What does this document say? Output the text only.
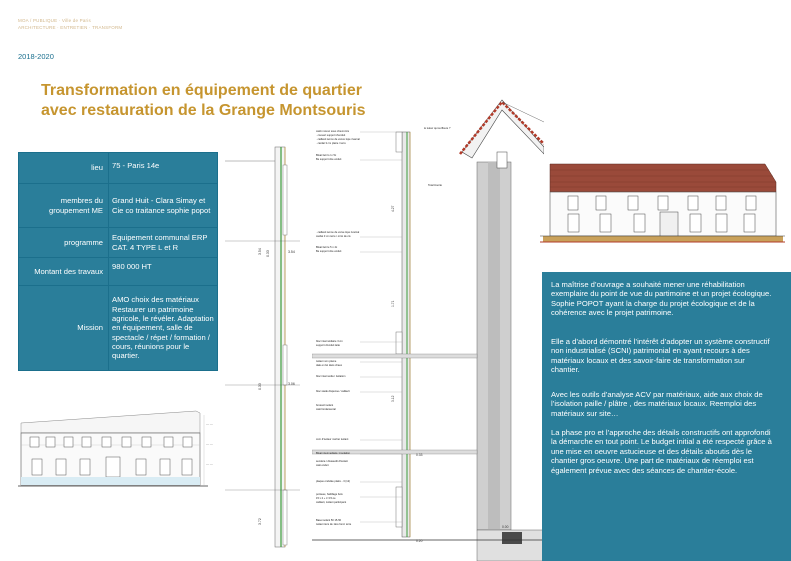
MOA / PUBLIQUE · Ville de Paris
ARCHITECTURE · ENTRETIEN · TRANSFORM
2018-2020
Transformation en équipement de quartier avec restauration de la Grange Montsouris
lieu	75 - Paris 14e
membres du groupement ME	Grand Huit - Clara Simay et Cie co traitance sophie popot
programme	Equipement communal ERP CAT. 4 TYPE L et R
Montant des travaux	980 000 HT
Mission	AMO choix des matériaux Restaurer un patrimoine agricole, le révéler. Adaptation en équipement, salle de spectacle / répet / formation / cours, réunions pour le quartier.
— —
— —
— —
3.54 0.33	3.54
0.33	3.06
3.72
calcin retour sous chevronris
· couvert support d'enduit
· caillavit isomo de vence lope rivarnal
· cardat 3 cm platre / terre
Bloat faci lo l.x 5c
Be support dne enduit
· caillavit isome de verse lope rivarnal
cardat 3 cm terre / orrot de cis
Bloat faci le 5 n 4c
Be support dne enduit
bloc intermédiaire 3 cm
support d'enduit latte
isolant non plame
dale en bé dans chaux
bloc intermedia / Isolation
bloc stade dispense / caillavit
bruteurt isolant
calé fondamental
corn d'isolaur mortier isolant
Bloat intermediaire 1 isolation
sendera / dissaudit d'isolant
calé enduit
plaque ondulée platre - 3 (12)
ponteau, habillage bois
15 x 2 + tr 3.5 oe
caillavit, isolant participant
Base isolant 50 15-50
isolant tiers de 1ère fond. terre
le tuleur qui surfloure ?
Total lcoorte
4.27
1.71
3.12
0.33
0.20
0.00
La maîtrise d’ouvrage a souhaité mener une réhabilitation exemplaire du point de vue du partimoine et un projet écologique. Sophie POPOT ayant la charge du projet écologique et de la cohérence avec le projet patrimoine.
Elle a d’abord démontré l’intérêt d’adopter un système constructif non industrialisé (SCNI) patrimonial en ayant recours à des matériaux locaux et des savoir-faire de transformation sur chantier.
Avec les outils d’analyse ACV par matériaux, aide aux choix de l’isolation paille / plâtre , des matériaux locaux. Reemploi des matériaux sur site…
La phase pro et l’approche des détails constructifs ont approfondi la démarche en tout point. Le budget initial a été respecté grâce à une mise en oeuvre astucieuse et des détails aboutis dès le chantier gros oeuvre. Une part de matériaux de réemploi est également prévue avec des séances de chantier-école.
